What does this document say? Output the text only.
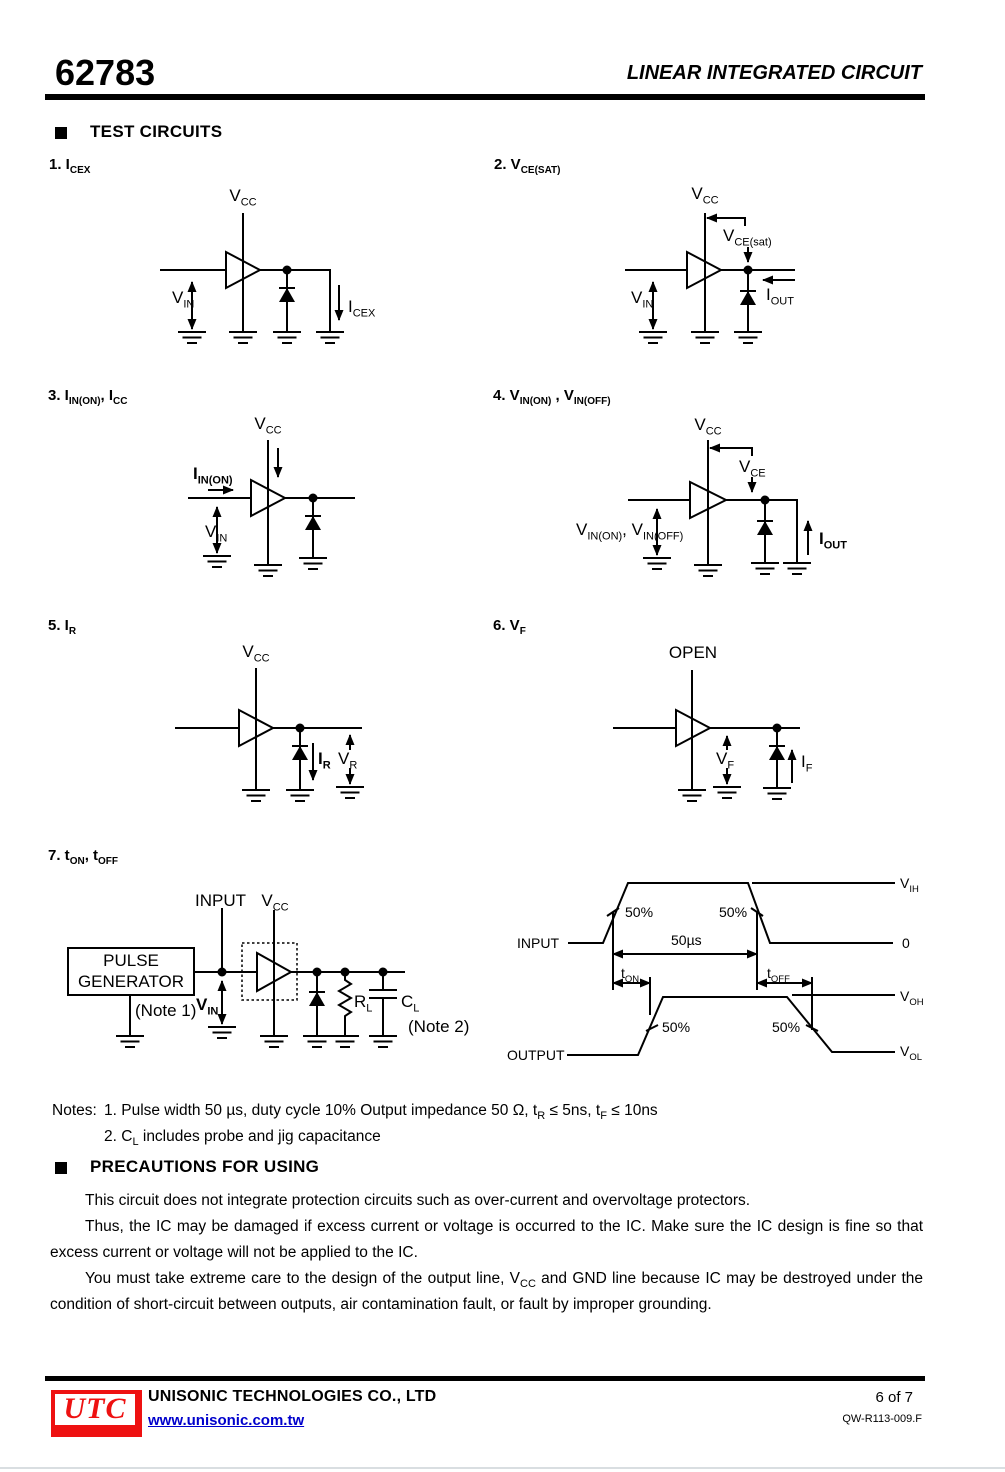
62783	LINEAR INTEGRATED CIRCUIT
TEST CIRCUITS
1. $I_{CEX}$	2. $V_{CE(SAT)}$
3. $I_{IN(ON)}$, $I_{CC}$	4. $V_{IN(ON)}$ , $V_{IN(OFF)}$
5. $I_R$	6. $V_F$
7. $t_{ON}$, $t_{OFF}$
$V_{CC}$
$V_{IN}$	$I_{CEX}$
$V_{CC}$
$V_{CE(sat)}$
$V_{IN}$
$I_{OUT}$
$V_{CC}$
$I_{IN(ON)}$
$V_{IN}$
$V_{CC}$
$V_{CE}$
$V_{IN(ON)}$, $V_{IN(OFF)}$	$I_{OUT}$
$V_{CC}$
$I_R$ $V_R$
OPEN
$V_F$	$I_F$
PULSE
GENERATOR
INPUT $V_{CC}$
(Note 1) $V_{IN}$
$R_L$ $C_L$
(Note 2)
INPUT
OUTPUT
$V_{IH}$
0
50%	50%
50µs
$t_{ON}$	$t_{OFF}$
$V_{OH}$
$V_{OL}$
50%	50%
Notes: 1. Pulse width 50 µs, duty cycle 10% Output impedance 50 Ω, $t_R \le 5ns$, $t_F \le 10ns$
2. $C_L$ includes probe and jig capacitance
PRECAUTIONS FOR USING

This circuit does not integrate protection circuits such as over-current and overvoltage protectors.

Thus, the IC may be damaged if excess current or voltage is occurred to the IC. Make sure the IC design is fine so that excess current or voltage will not be applied to the IC.

You must take extreme care to the design of the output line, $V_{CC}$ and GND line because IC may be destroyed under the condition of short-circuit between outputs, air contamination fault, or fault by improper grounding.

UTC UNISONIC TECHNOLOGIES CO., LTD
www.unisonic.com.tw
6 of 7
QW-R113-009.F
